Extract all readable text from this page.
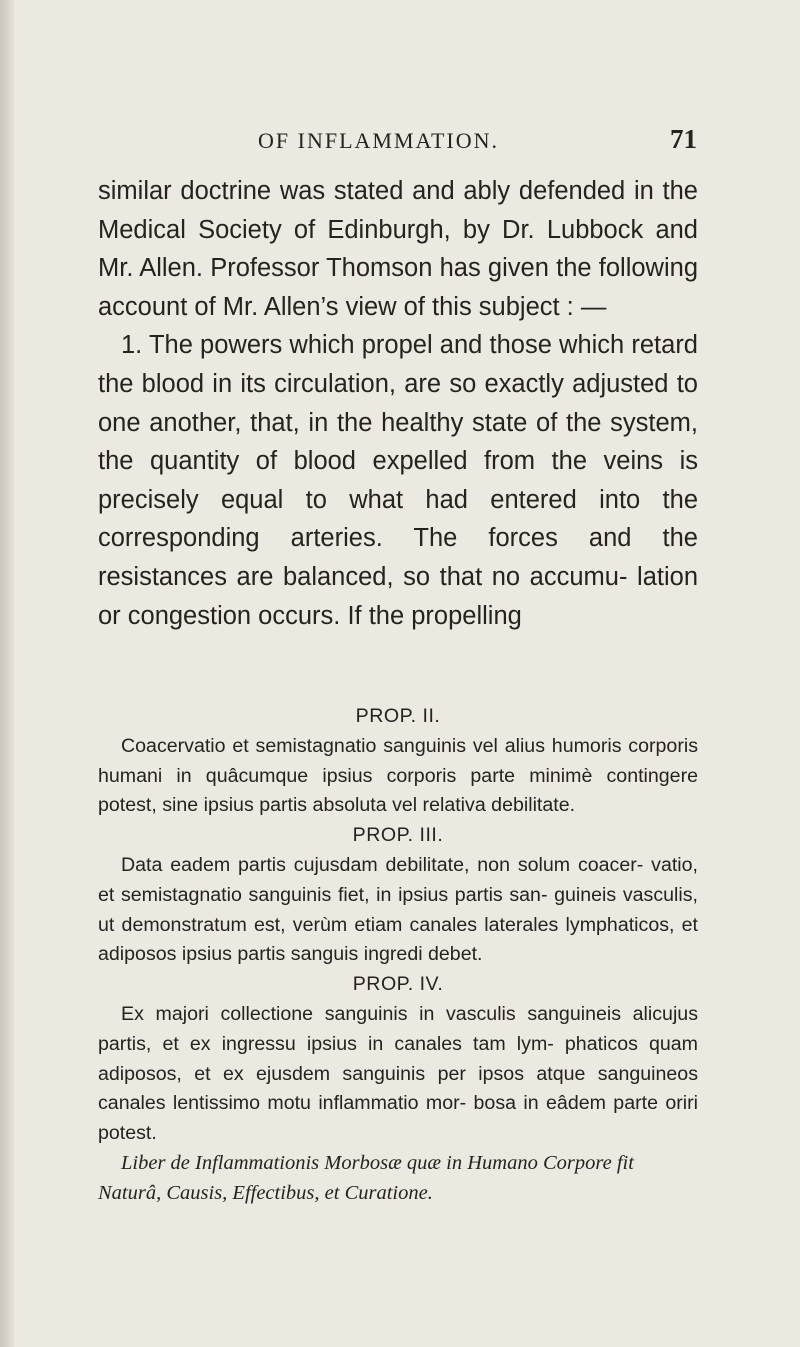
OF INFLAMMATION.	71

similar doctrine was stated and ably defended in the Medical Society of Edinburgh, by Dr. Lubbock and Mr. Allen. Professor Thomson has given the following account of Mr. Allen’s view of this subject : —

1. The powers which propel and those which retard the blood in its circulation, are so exactly adjusted to one another, that, in the healthy state of the system, the quantity of blood expelled from the veins is precisely equal to what had entered into the corresponding arteries. The forces and the resistances are balanced, so that no accumu- lation or congestion occurs. If the propelling

PROP. II.

Coacervatio et semistagnatio sanguinis vel alius humoris corporis humani in quâcumque ipsius corporis parte minimè contingere potest, sine ipsius partis absoluta vel relativa debilitate.

PROP. III.

Data eadem partis cujusdam debilitate, non solum coacer- vatio, et semistagnatio sanguinis fiet, in ipsius partis san- guineis vasculis, ut demonstratum est, verùm etiam canales laterales lymphaticos, et adiposos ipsius partis sanguis ingredi debet.

PROP. IV.

Ex majori collectione sanguinis in vasculis sanguineis alicujus partis, et ex ingressu ipsius in canales tam lym- phaticos quam adiposos, et ex ejusdem sanguinis per ipsos atque sanguineos canales lentissimo motu inflammatio mor- bosa in eâdem parte oriri potest.

Liber de Inflammationis Morbosæ quæ in Humano Corpore fit Naturâ, Causis, Effectibus, et Curatione.
